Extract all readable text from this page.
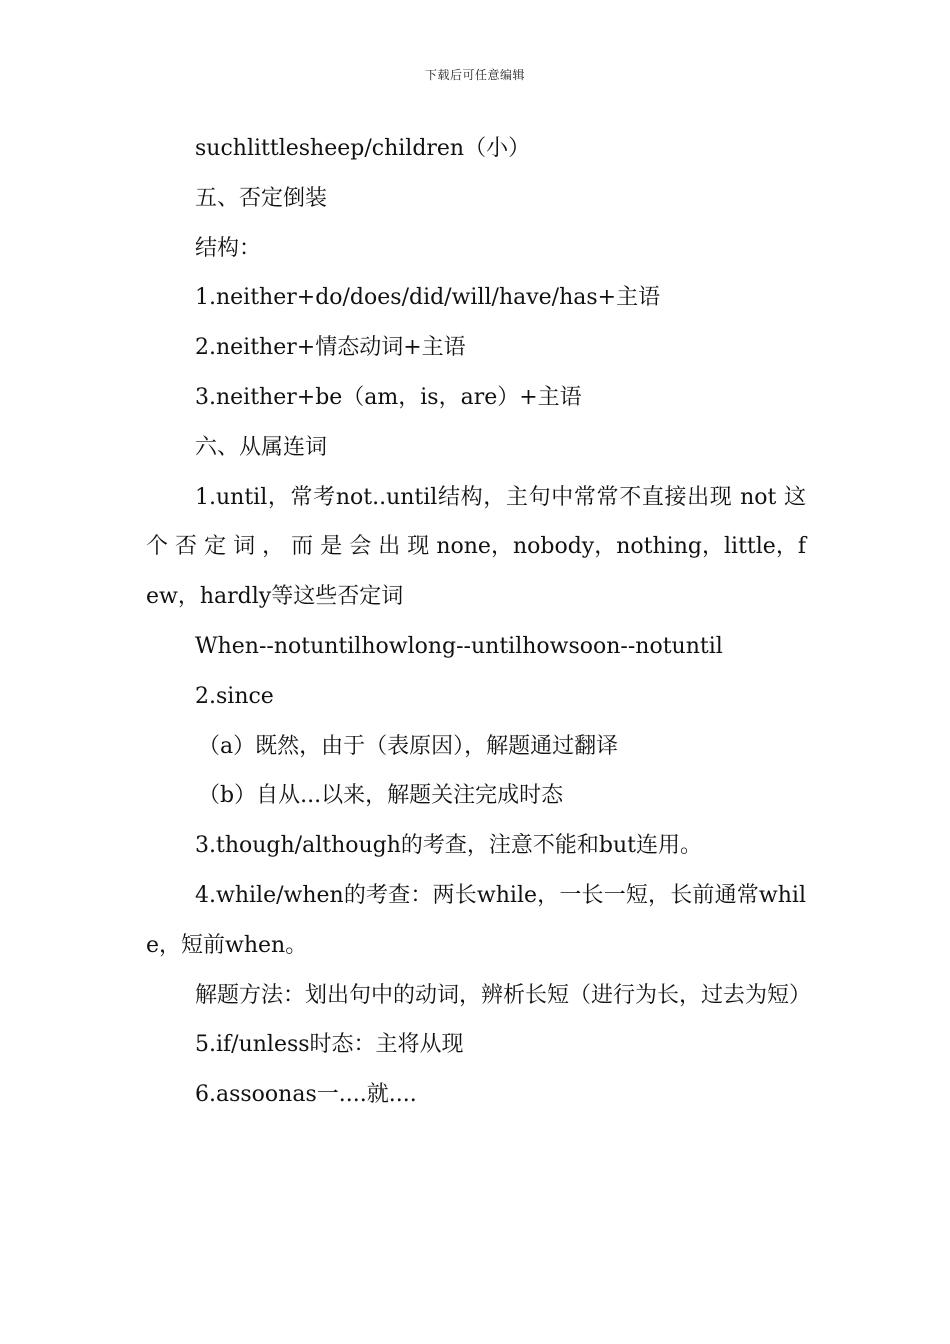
下载后可任意编辑

suchlittlesheep/children（小）

五、否定倒装

结构：

1.neither+do/does/did/will/have/has+主语

2.neither+情态动词+主语

3.neither+be（am，is，are）+主语

六、从属连词

1.until，常考not..until结构，主句中常常不直接出现 not 这 个 否 定 词 ， 而 是 会 出 现 none，nobody，nothing，little，few，hardly等这些否定词

When--notuntilhowlong--untilhowsoon--notuntil

2.since

（a）既然，由于（表原因），解题通过翻译

（b）自从...以来，解题关注完成时态

3.though/although的考查，注意不能和but连用。

4.while/when的考查：两长while，一长一短，长前通常while，短前when。

解题方法：划出句中的动词，辨析长短（进行为长，过去为短）

5.if/unless时态：主将从现

6.assoonas一....就....
